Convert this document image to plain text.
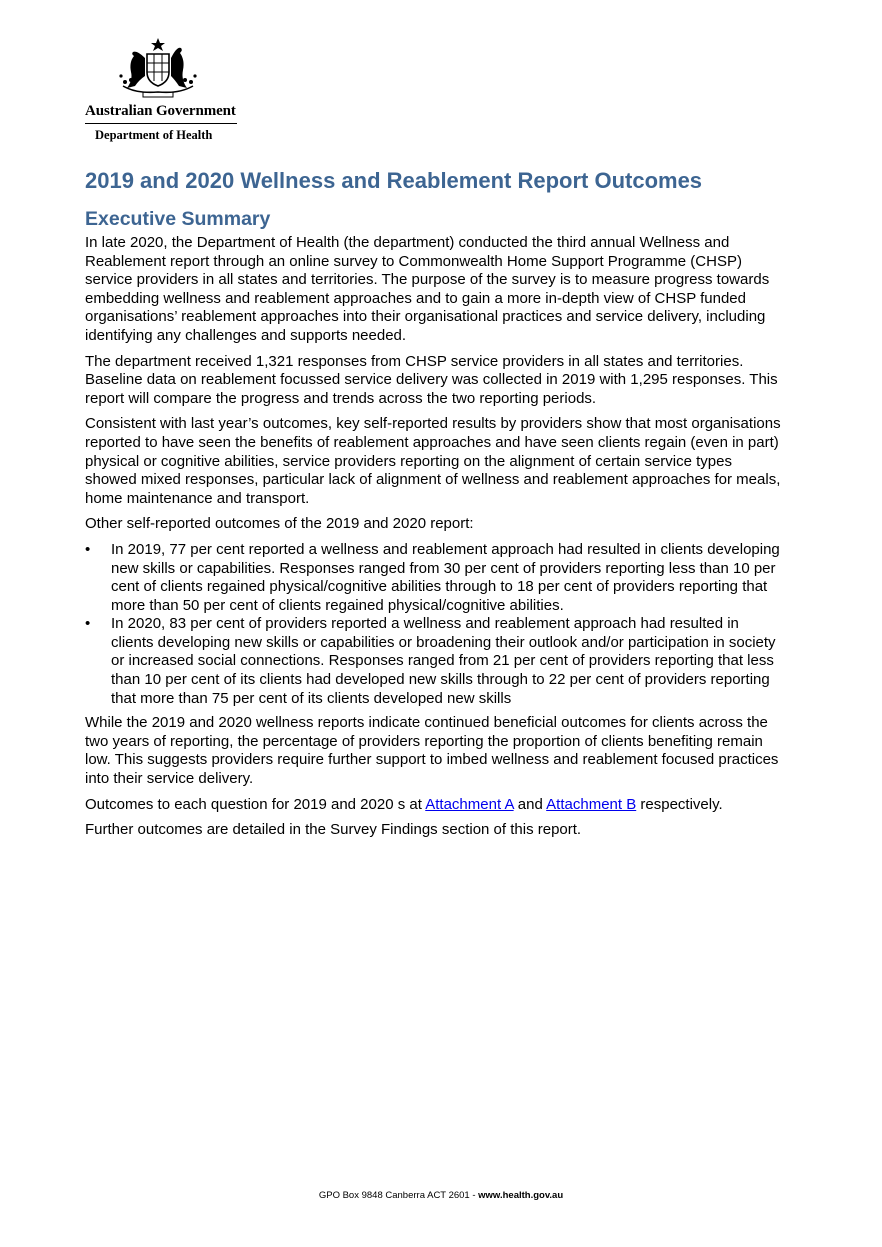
Australian Government
Department of Health
2019 and 2020 Wellness and Reablement Report Outcomes
Executive Summary

In late 2020, the Department of Health (the department) conducted the third annual Wellness and Reablement report through an online survey to Commonwealth Home Support Programme (CHSP) service providers in all states and territories. The purpose of the survey is to measure progress towards embedding wellness and reablement approaches and to gain a more in-depth view of CHSP funded organisations’ reablement approaches into their organisational practices and service delivery, including identifying any challenges and supports needed.

The department received 1,321 responses from CHSP service providers in all states and territories. Baseline data on reablement focussed service delivery was collected in 2019 with 1,295 responses. This report will compare the progress and trends across the two reporting periods.

Consistent with last year’s outcomes, key self-reported results by providers show that most organisations reported to have seen the benefits of reablement approaches and have seen clients regain (even in part) physical or cognitive abilities, service providers reporting on the alignment of certain service types showed mixed responses, particular lack of alignment of wellness and reablement approaches for meals, home maintenance and transport.

Other self-reported outcomes of the 2019 and 2020 report:

• In 2019, 77 per cent reported a wellness and reablement approach had resulted in clients developing new skills or capabilities. Responses ranged from 30 per cent of providers reporting less than 10 per cent of clients regained physical/cognitive abilities through to 18 per cent of providers reporting that more than 50 per cent of clients regained physical/cognitive abilities.
• In 2020, 83 per cent of providers reported a wellness and reablement approach had resulted in clients developing new skills or capabilities or broadening their outlook and/or participation in society or increased social connections. Responses ranged from 21 per cent of providers reporting that less than 10 per cent of its clients had developed new skills through to 22 per cent of providers reporting that more than 75 per cent of its clients developed new skills

While the 2019 and 2020 wellness reports indicate continued beneficial outcomes for clients across the two years of reporting, the percentage of providers reporting the proportion of clients benefiting remain low. This suggests providers require further support to imbed wellness and reablement focused practices into their service delivery.

Outcomes to each question for 2019 and 2020 s at Attachment A and Attachment B respectively.

Further outcomes are detailed in the Survey Findings section of this report.

GPO Box 9848 Canberra ACT 2601 - www.health.gov.au
